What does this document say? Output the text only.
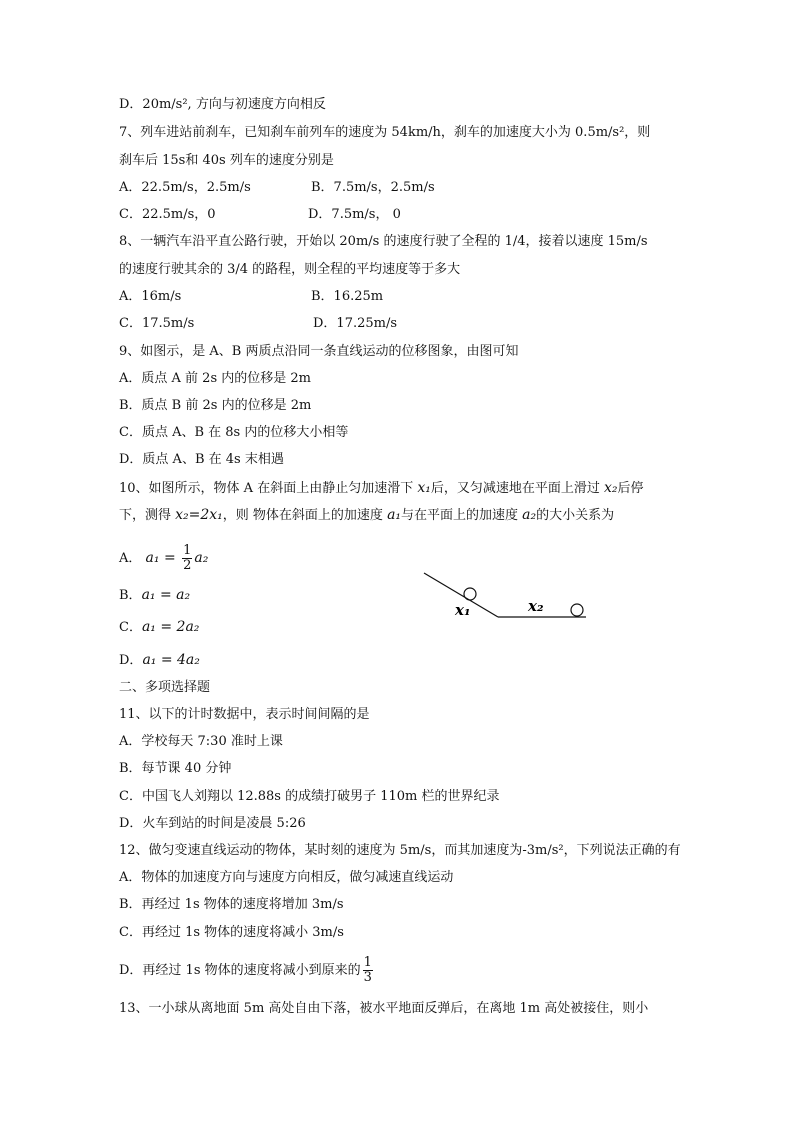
D．20m/s², 方向与初速度方向相反
7、列车进站前刹车，已知刹车前列车的速度为 54km/h，刹车的加速度大小为 0.5m/s²，则
刹车后 15s和 40s 列车的速度分别是
A．22.5m/s，2.5m/s	B．7.5m/s，2.5m/s
C．22.5m/s，0	D．7.5m/s， 0
8、一辆汽车沿平直公路行驶，开始以 20m/s 的速度行驶了全程的 1/4，接着以速度 15m/s
的速度行驶其余的 3/4 的路程，则全程的平均速度等于多大
A．16m/s	B．16.25m
C．17.5m/s	D．17.25m/s
9、如图示，是 A、B 两质点沿同一条直线运动的位移图象，由图可知
A．质点 A 前 2s 内的位移是 2m
B．质点 B 前 2s 内的位移是 2m
C．质点 A、B 在 8s 内的位移大小相等
D．质点 A、B 在 4s 末相遇
10、如图所示，物体 A 在斜面上由静止匀加速滑下 x₁后，又匀减速地在平面上滑过 x₂后停
下，测得 x₂=2x₁，则 物体在斜面上的加速度 a₁与在平面上的加速度 a₂的大小关系为
A． $a_1 = \frac{1}{2} a_2$
B．a₁ = a₂
C．a₁ = 2a₂
D．a₁ = 4a₂
x₁	x₂
二、多项选择题
11、以下的计时数据中，表示时间间隔的是
A．学校每天 7:30 准时上课
B．每节课 40 分钟
C．中国飞人刘翔以 12.88s 的成绩打破男子 110m 栏的世界纪录
D．火车到站的时间是凌晨 5:26
12、做匀变速直线运动的物体，某时刻的速度为 5m/s，而其加速度为-3m/s²，下列说法正确的有
A．物体的加速度方向与速度方向相反，做匀减速直线运动
B．再经过 1s 物体的速度将增加 3m/s
C．再经过 1s 物体的速度将减小 3m/s
D．再经过 1s 物体的速度将减小到原来的 $\frac{1}{3}$
13、一小球从离地面 5m 高处自由下落，被水平地面反弹后，在离地 1m 高处被接住，则小
